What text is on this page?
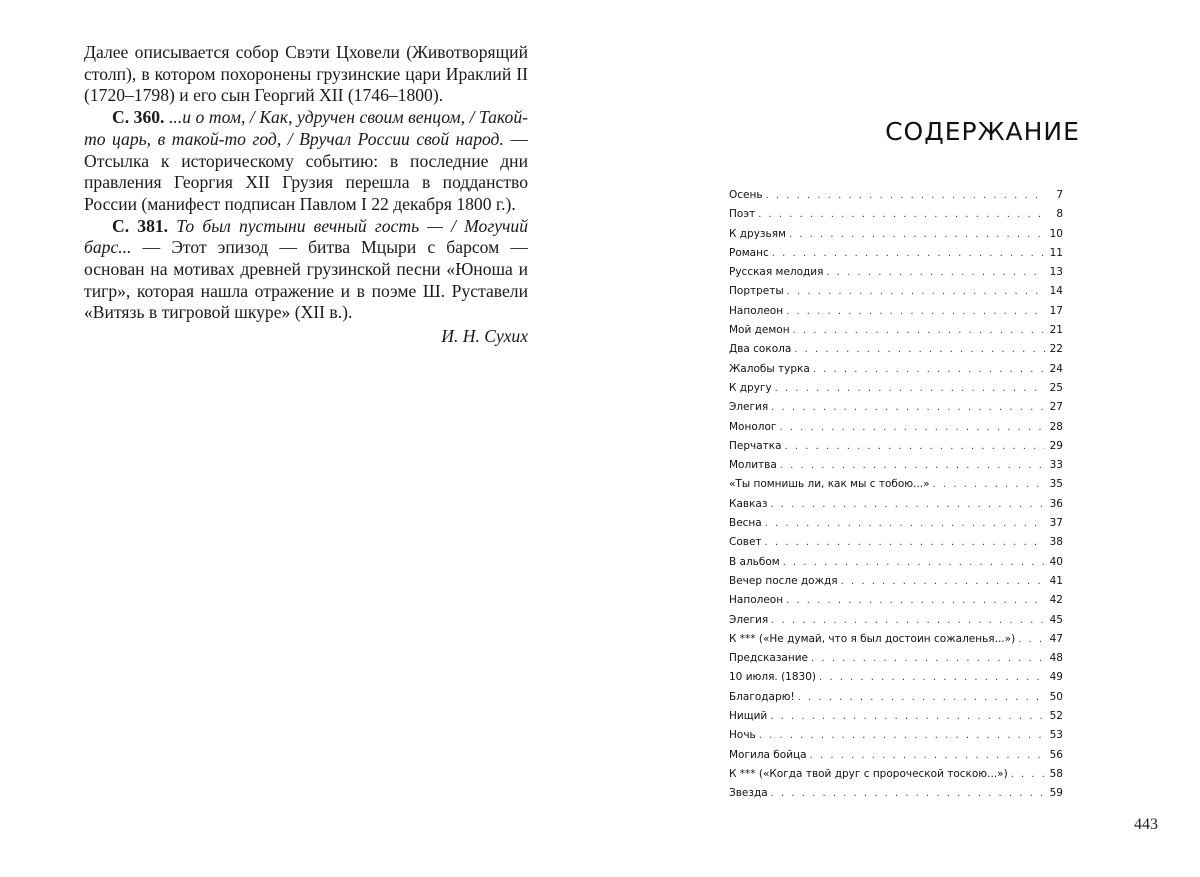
Далее описывается собор Свэти Цховели (Животворящий столп), в котором похоронены грузинские цари Ираклий II (1720–1798) и его сын Георгий XII (1746–1800).

С. 360. ...и о том, / Как, удручен своим венцом, / Такой-то царь, в такой-то год, / Вручал России свой народ. — Отсылка к историческому событию: в последние дни правления Георгия XII Грузия перешла в подданство России (манифест подписан Павлом I 22 декабря 1800 г.).

С. 381. То был пустыни вечный гость — / Могучий барс... — Этот эпизод — битва Мцыри с барсом — основан на мотивах древней грузинской песни «Юноша и тигр», которая нашла отражение и в поэме Ш. Руставели «Витязь в тигровой шкуре» (XII в.).

И. Н. Сухих

СОДЕРЖАНИЕ
Осень . . .	7
Поэт . . .	8
К друзьям . . .	10
Романс . . .	11
Русская мелодия . . .	13
Портреты . . .	14
Наполеон . . .	17
Мой демон . . .	21
Два сокола . . .	22
Жалобы турка . . .	24
К другу . . .	25
Элегия . . .	27
Монолог . . .	28
Перчатка . . .	29
Молитва . . .	33
«Ты помнишь ли, как мы с тобою...» . . .	35
Кавказ . . .	36
Весна . . .	37
Совет . . .	38
В альбом . . .	40
Вечер после дождя . . .	41
Наполеон . . .	42
Элегия . . .	45
К *** («Не думай, что я был достоин сожаленья...») . . .	47
Предсказание . . .	48
10 июля. (1830) . . .	49
Благодарю! . . .	50
Нищий . . .	52
Ночь . . .	53
Могила бойца . . .	56
К *** («Когда твой друг с пророческой тоскою...») . . .	58
Звезда . . .	59
443
